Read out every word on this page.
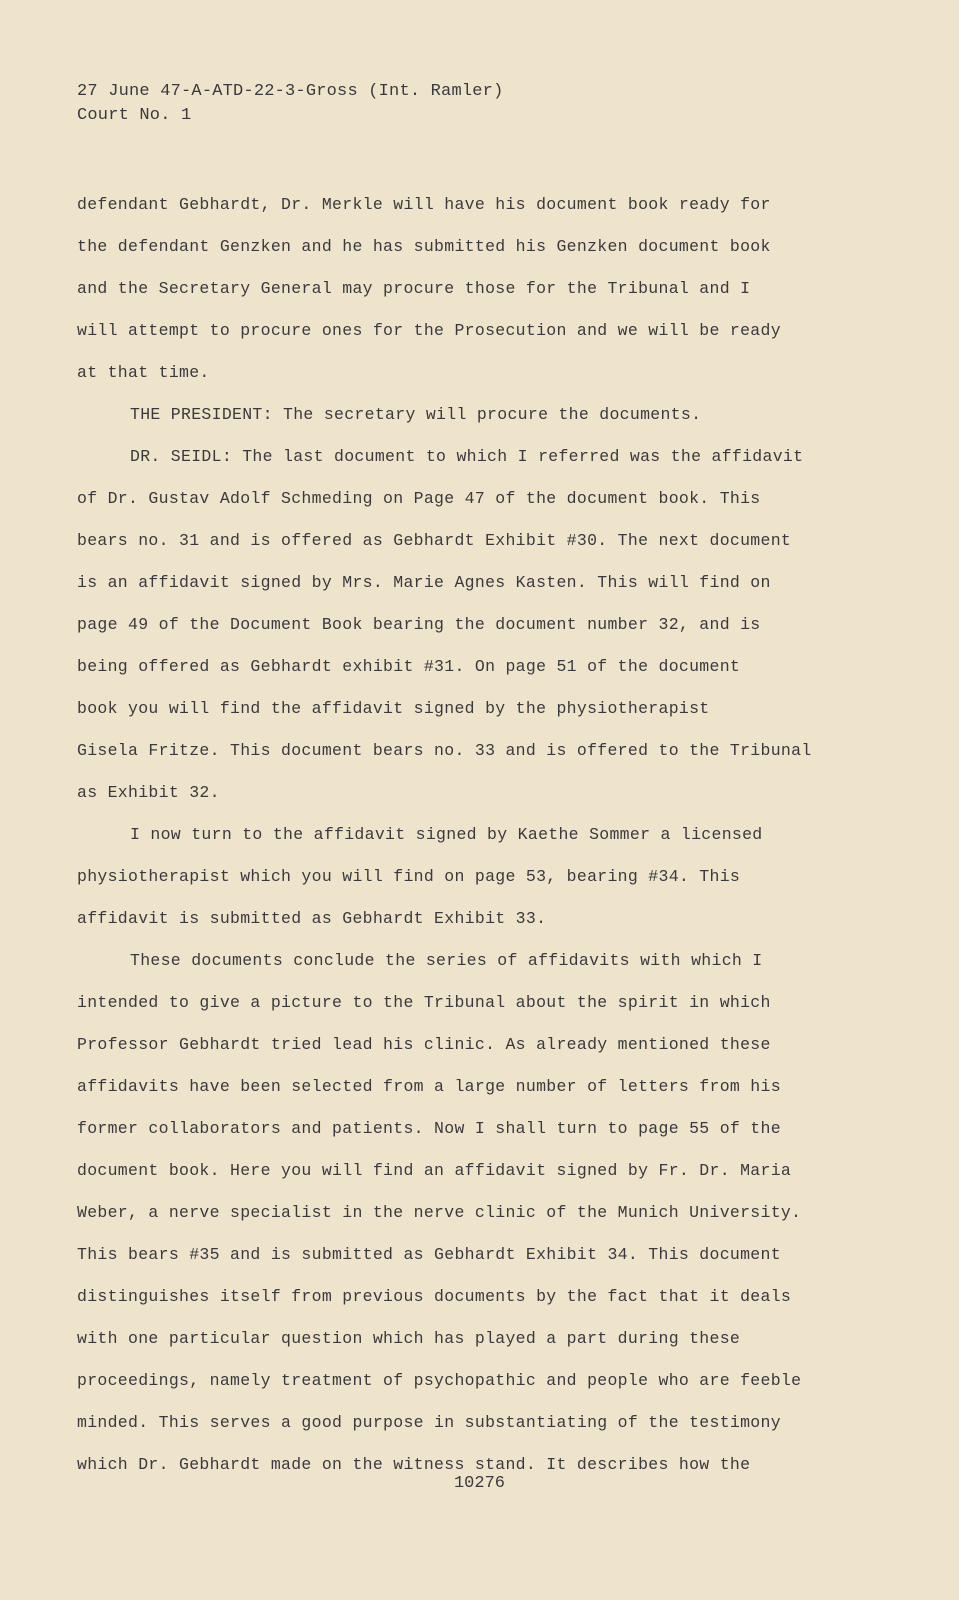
27 June 47-A-ATD-22-3-Gross (Int. Ramler)
Court No. 1
defendant Gebhardt, Dr. Merkle will have his document book ready for
the defendant Genzken and he has submitted his Genzken document book
and the Secretary General may procure those for the Tribunal and I
will attempt to procure ones for the Prosecution and we will be ready
at that time.
THE PRESIDENT: The secretary will procure the documents.
DR. SEIDL: The last document to which I referred was the affidavit
of Dr. Gustav Adolf Schmeding on Page 47 of the document book. This
bears no. 31 and is offered as Gebhardt Exhibit #30. The next document
is an affidavit signed by Mrs. Marie Agnes Kasten. This will find on
page 49 of the Document Book bearing the document number 32, and is
being offered as Gebhardt exhibit #31. On page 51 of the document
book you will find the affidavit signed by the physiotherapist
Gisela Fritze. This document bears no. 33 and is offered to the Tribunal
as Exhibit 32.
I now turn to the affidavit signed by Kaethe Sommer a licensed
physiotherapist which you will find on page 53, bearing #34. This
affidavit is submitted as Gebhardt Exhibit 33.
These documents conclude the series of affidavits with which I
intended to give a picture to the Tribunal about the spirit in which
Professor Gebhardt tried lead his clinic. As already mentioned these
affidavits have been selected from a large number of letters from his
former collaborators and patients. Now I shall turn to page 55 of the
document book. Here you will find an affidavit signed by Fr. Dr. Maria
Weber, a nerve specialist in the nerve clinic of the Munich University.
This bears #35 and is submitted as Gebhardt Exhibit 34. This document
distinguishes itself from previous documents by the fact that it deals
with one particular question which has played a part during these
proceedings, namely treatment of psychopathic and people who are feeble
minded. This serves a good purpose in substantiating of the testimony
which Dr. Gebhardt made on the witness stand. It describes how the
10276
